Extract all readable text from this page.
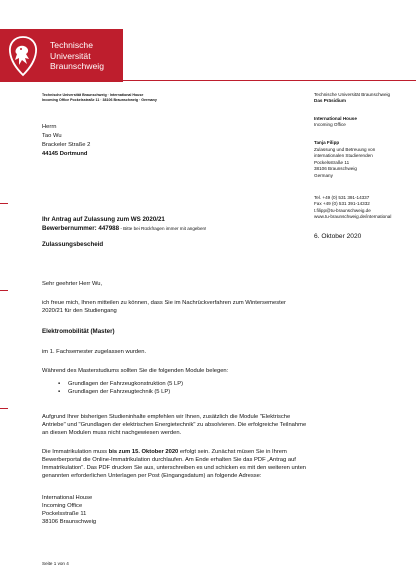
Technische
Universität
Braunschweig
Technische Universität Braunschweig · International House
Incoming Office Pockelsstraße 11 · 38106 Braunschweig · Germany
Herrn
Tao Wu
Brackeler Straße 2
44145 Dortmund
Technische Universität Braunschweig
Das Präsidium
International House
Incoming Office
Tanja Filipp
Zulassung und Betreuung von
internationalen Studierenden
Pockelsstraße 11
38106 Braunschweig
Germany
Tel. +49 (0) 531 391-14337
Fax +49 (0) 531 391-14332
t.filipp@tu-braunschweig.de
www.tu-braunschweig.de/international
6. Oktober 2020
Ihr Antrag auf Zulassung zum WS 2020/21
Bewerbernummer: 447988 - Bitte bei Rückfragen immer mit angeben!
Zulassungsbescheid
Sehr geehrter Herr Wu,
ich freue mich, Ihnen mitteilen zu können, dass Sie im Nachrückverfahren zum Wintersemester
2020/21 für den Studiengang
Elektromobilität (Master)
im 1. Fachsemester zugelassen wurden.
Während des Masterstudiums sollten Sie die folgenden Module belegen:
▪ Grundlagen der Fahrzeugkonstruktion (5 LP)
▪ Grundlagen der Fahrzeugtechnik (5 LP)
Aufgrund Ihrer bisherigen Studieninhalte empfehlen wir Ihnen, zusätzlich die Module "Elektrische
Antriebe" und "Grundlagen der elektrischen Energietechnik" zu absolvieren. Die erfolgreiche Teilnahme
an diesen Modulen muss nicht nachgewiesen werden.
Die Immatrikulation muss bis zum 15. Oktober 2020 erfolgt sein. Zunächst müsen Sie in Ihrem
Bewerberportal die Online-Immatrikulation durchlaufen. Am Ende erhalten Sie das PDF „Antrag auf
Immatrikulation". Das PDF drucken Sie aus, unterschreiben es und schicken es mit den weiteren unten
genannten erforderlichen Unterlagen per Post (Eingangsdatum) an folgende Adresse:
International House
Incoming Office
Pockelsstraße 11
38106 Braunschweig
Seite 1 von 4
